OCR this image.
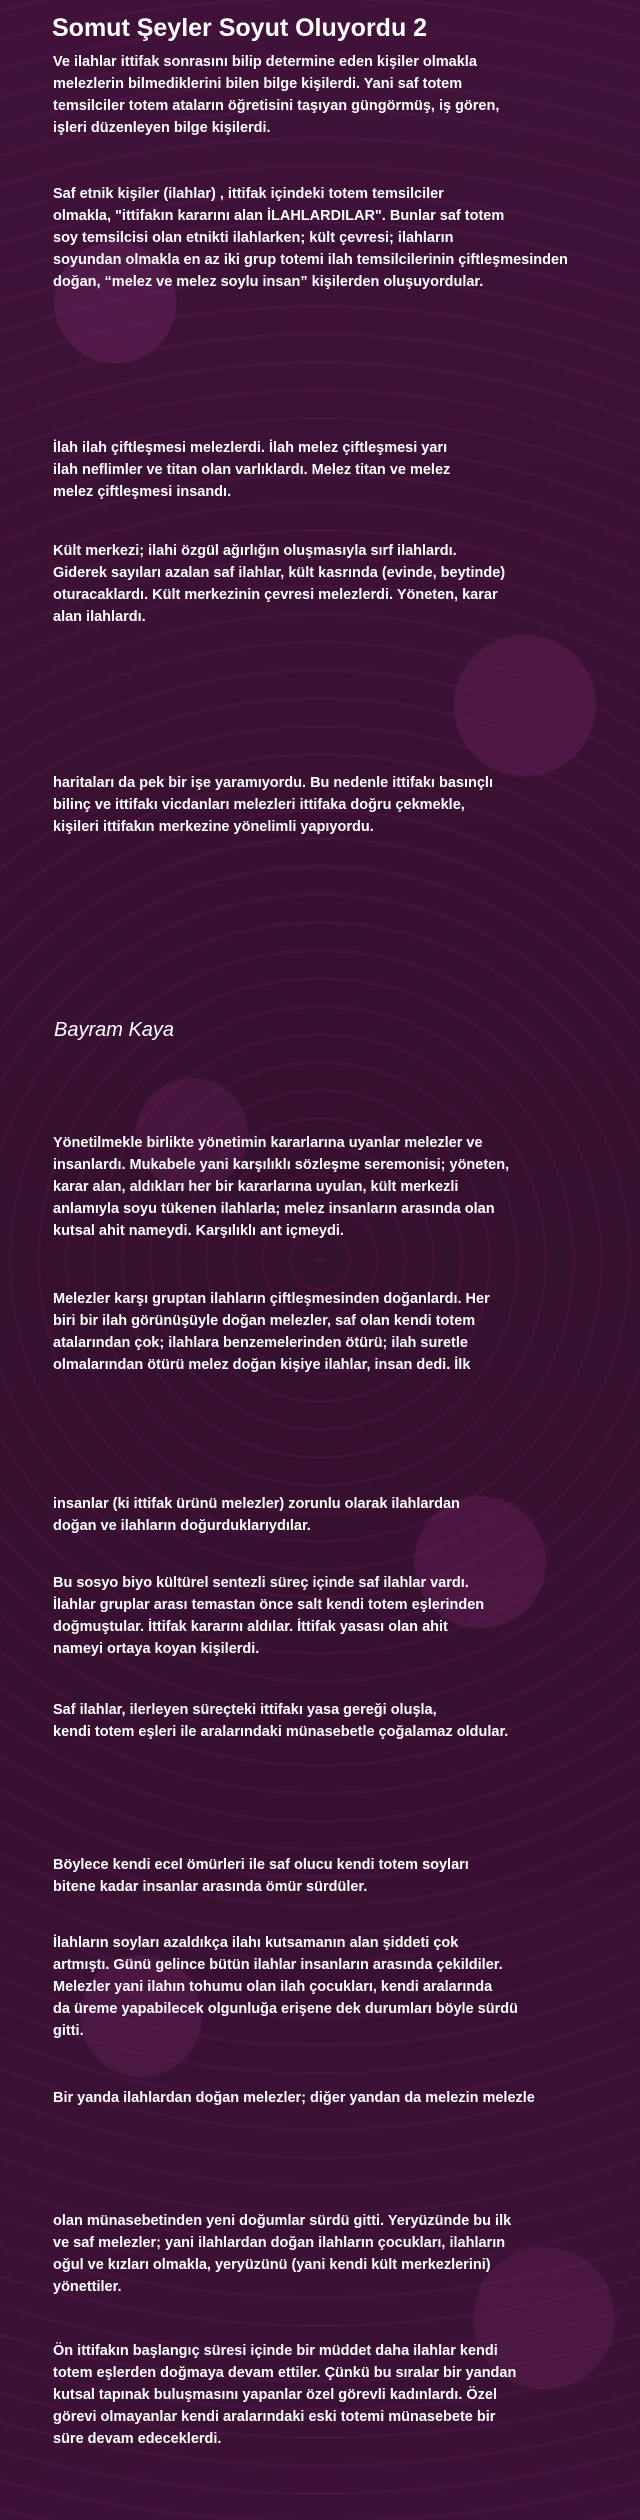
Somut Şeyler Soyut Oluyordu 2

Ve ilahlar ittifak sonrasını bilip determine eden kişiler olmakla
melezlerin bilmediklerini bilen bilge kişilerdi. Yani saf totem
temsilciler totem ataların öğretisini taşıyan güngörmüş, iş gören,
işleri düzenleyen bilge kişilerdi.

Saf etnik kişiler (ilahlar) , ittifak içindeki totem temsilciler
olmakla, "ittifakın kararını alan İLAHLARDILAR". Bunlar saf totem
soy temsilcisi olan etnikti ilahlarken; kült çevresi; ilahların
soyundan olmakla en az iki grup totemi ilah temsilcilerinin çiftleşmesinden
doğan, “melez ve melez soylu insan” kişilerden oluşuyordular.

İlah ilah çiftleşmesi melezlerdi. İlah melez çiftleşmesi yarı
ilah neflimler ve titan olan varlıklardı. Melez titan ve melez
melez çiftleşmesi insandı.

Kült merkezi; ilahi özgül ağırlığın oluşmasıyla sırf ilahlardı.
Giderek sayıları azalan saf ilahlar, kült kasrında (evinde, beytinde)
oturacaklardı. Kült merkezinin çevresi melezlerdi. Yöneten, karar
alan ilahlardı.

haritaları da pek bir işe yaramıyordu. Bu nedenle ittifakı basınçlı
bilinç ve ittifakı vicdanları melezleri ittifaka doğru çekmekle,
kişileri ittifakın merkezine yönelimli yapıyordu.

Bayram Kaya

Yönetilmekle birlikte yönetimin kararlarına uyanlar melezler ve
insanlardı. Mukabele yani karşılıklı sözleşme seremonisi; yöneten,
karar alan, aldıkları her bir kararlarına uyulan, kült merkezli
anlamıyla soyu tükenen ilahlarla; melez insanların arasında olan
kutsal ahit nameydi. Karşılıklı ant içmeydi.

Melezler karşı gruptan ilahların çiftleşmesinden doğanlardı. Her
biri bir ilah görünüşüyle doğan melezler, saf olan kendi totem
atalarından çok; ilahlara benzemelerinden ötürü; ilah suretle
olmalarından ötürü melez doğan kişiye ilahlar, insan dedi. İlk

insanlar (ki ittifak ürünü melezler) zorunlu olarak ilahlardan
doğan ve ilahların doğurduklarıydılar.

Bu sosyo biyo kültürel sentezli süreç içinde saf ilahlar vardı.
İlahlar gruplar arası temastan önce salt kendi totem eşlerinden
doğmuştular. İttifak kararını aldılar. İttifak yasası olan ahit
nameyi ortaya koyan kişilerdi.

Saf ilahlar, ilerleyen süreçteki ittifakı yasa gereği oluşla,
kendi totem eşleri ile aralarındaki münasebetle çoğalamaz oldular.

Böylece kendi ecel ömürleri ile saf olucu kendi totem soyları
bitene kadar insanlar arasında ömür sürdüler.

İlahların soyları azaldıkça ilahı kutsamanın alan şiddeti çok
artmıştı. Günü gelince bütün ilahlar insanların arasında çekildiler.
Melezler yani ilahın tohumu olan ilah çocukları, kendi aralarında
da üreme yapabilecek olgunluğa erişene dek durumları böyle sürdü
gitti.

Bir yanda ilahlardan doğan melezler; diğer yandan da melezin melezle

olan münasebetinden yeni doğumlar sürdü gitti. Yeryüzünde bu ilk
ve saf melezler; yani ilahlardan doğan ilahların çocukları, ilahların
oğul ve kızları olmakla, yeryüzünü (yani kendi kült merkezlerini)
yönettiler.

Ön ittifakın başlangıç süresi içinde bir müddet daha ilahlar kendi
totem eşlerden doğmaya devam ettiler. Çünkü bu sıralar bir yandan
kutsal tapınak buluşmasını yapanlar özel görevli kadınlardı. Özel
görevi olmayanlar kendi aralarındaki eski totemi münasebete bir
süre devam edeceklerdi.
